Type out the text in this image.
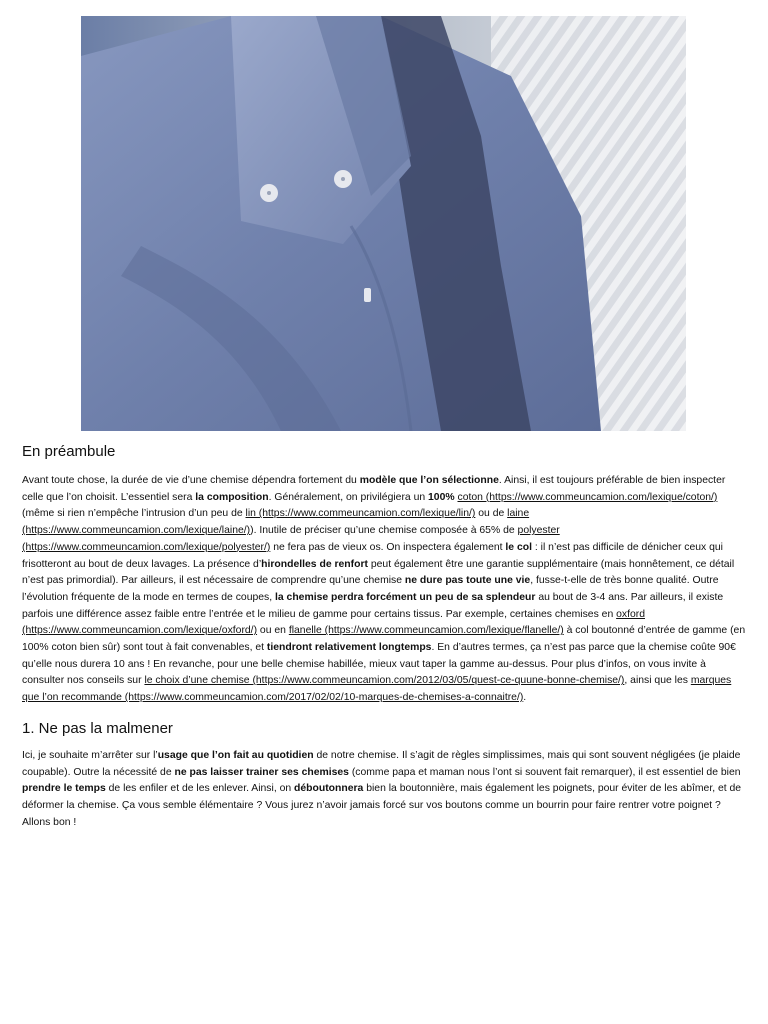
En préambule

Avant toute chose, la durée de vie d’une chemise dépendra fortement du modèle que l’on sélectionne. Ainsi, il est toujours préférable de bien inspecter celle que l’on choisit. L’essentiel sera la composition. Généralement, on privilégiera un 100% coton (https://www.commeuncamion.com/lexique/coton/) (même si rien n’empêche l’intrusion d’un peu de lin (https://www.commeuncamion.com/lexique/lin/) ou de laine (https://www.commeuncamion.com/lexique/laine/)). Inutile de préciser qu’une chemise composée à 65% de polyester (https://www.commeuncamion.com/lexique/polyester/) ne fera pas de vieux os. On inspectera également le col : il n’est pas difficile de dénicher ceux qui frisotteront au bout de deux lavages. La présence d’hirondelles de renfort peut également être une garantie supplémentaire (mais honnêtement, ce détail n’est pas primordial). Par ailleurs, il est nécessaire de comprendre qu’une chemise ne dure pas toute une vie, fusse-t-elle de très bonne qualité. Outre l’évolution fréquente de la mode en termes de coupes, la chemise perdra forcément un peu de sa splendeur au bout de 3-4 ans. Par ailleurs, il existe parfois une différence assez faible entre l’entrée et le milieu de gamme pour certains tissus. Par exemple, certaines chemises en oxford (https://www.commeuncamion.com/lexique/oxford/) ou en flanelle (https://www.commeuncamion.com/lexique/flanelle/) à col boutonné d’entrée de gamme (en 100% coton bien sûr) sont tout à fait convenables, et tiendront relativement longtemps. En d’autres termes, ça n’est pas parce que la chemise coûte 90€ qu’elle nous durera 10 ans ! En revanche, pour une belle chemise habillée, mieux vaut taper la gamme au-dessus. Pour plus d’infos, on vous invite à consulter nos conseils sur le choix d’une chemise (https://www.commeuncamion.com/2012/03/05/quest-ce-quune-bonne-chemise/), ainsi que les marques que l’on recommande (https://www.commeuncamion.com/2017/02/02/10-marques-de-chemises-a-connaitre/).

1. Ne pas la malmener

Ici, je souhaite m’arrêter sur l’usage que l’on fait au quotidien de notre chemise. Il s’agit de règles simplissimes, mais qui sont souvent négligées (je plaide coupable). Outre la nécessité de ne pas laisser trainer ses chemises (comme papa et maman nous l’ont si souvent fait remarquer), il est essentiel de bien prendre le temps de les enfiler et de les enlever. Ainsi, on déboutonnera bien la boutonnière, mais également les poignets, pour éviter de les abîmer, et de déformer la chemise. Ça vous semble élémentaire ? Vous jurez n’avoir jamais forcé sur vos boutons comme un bourrin pour faire rentrer votre poignet ? Allons bon !
